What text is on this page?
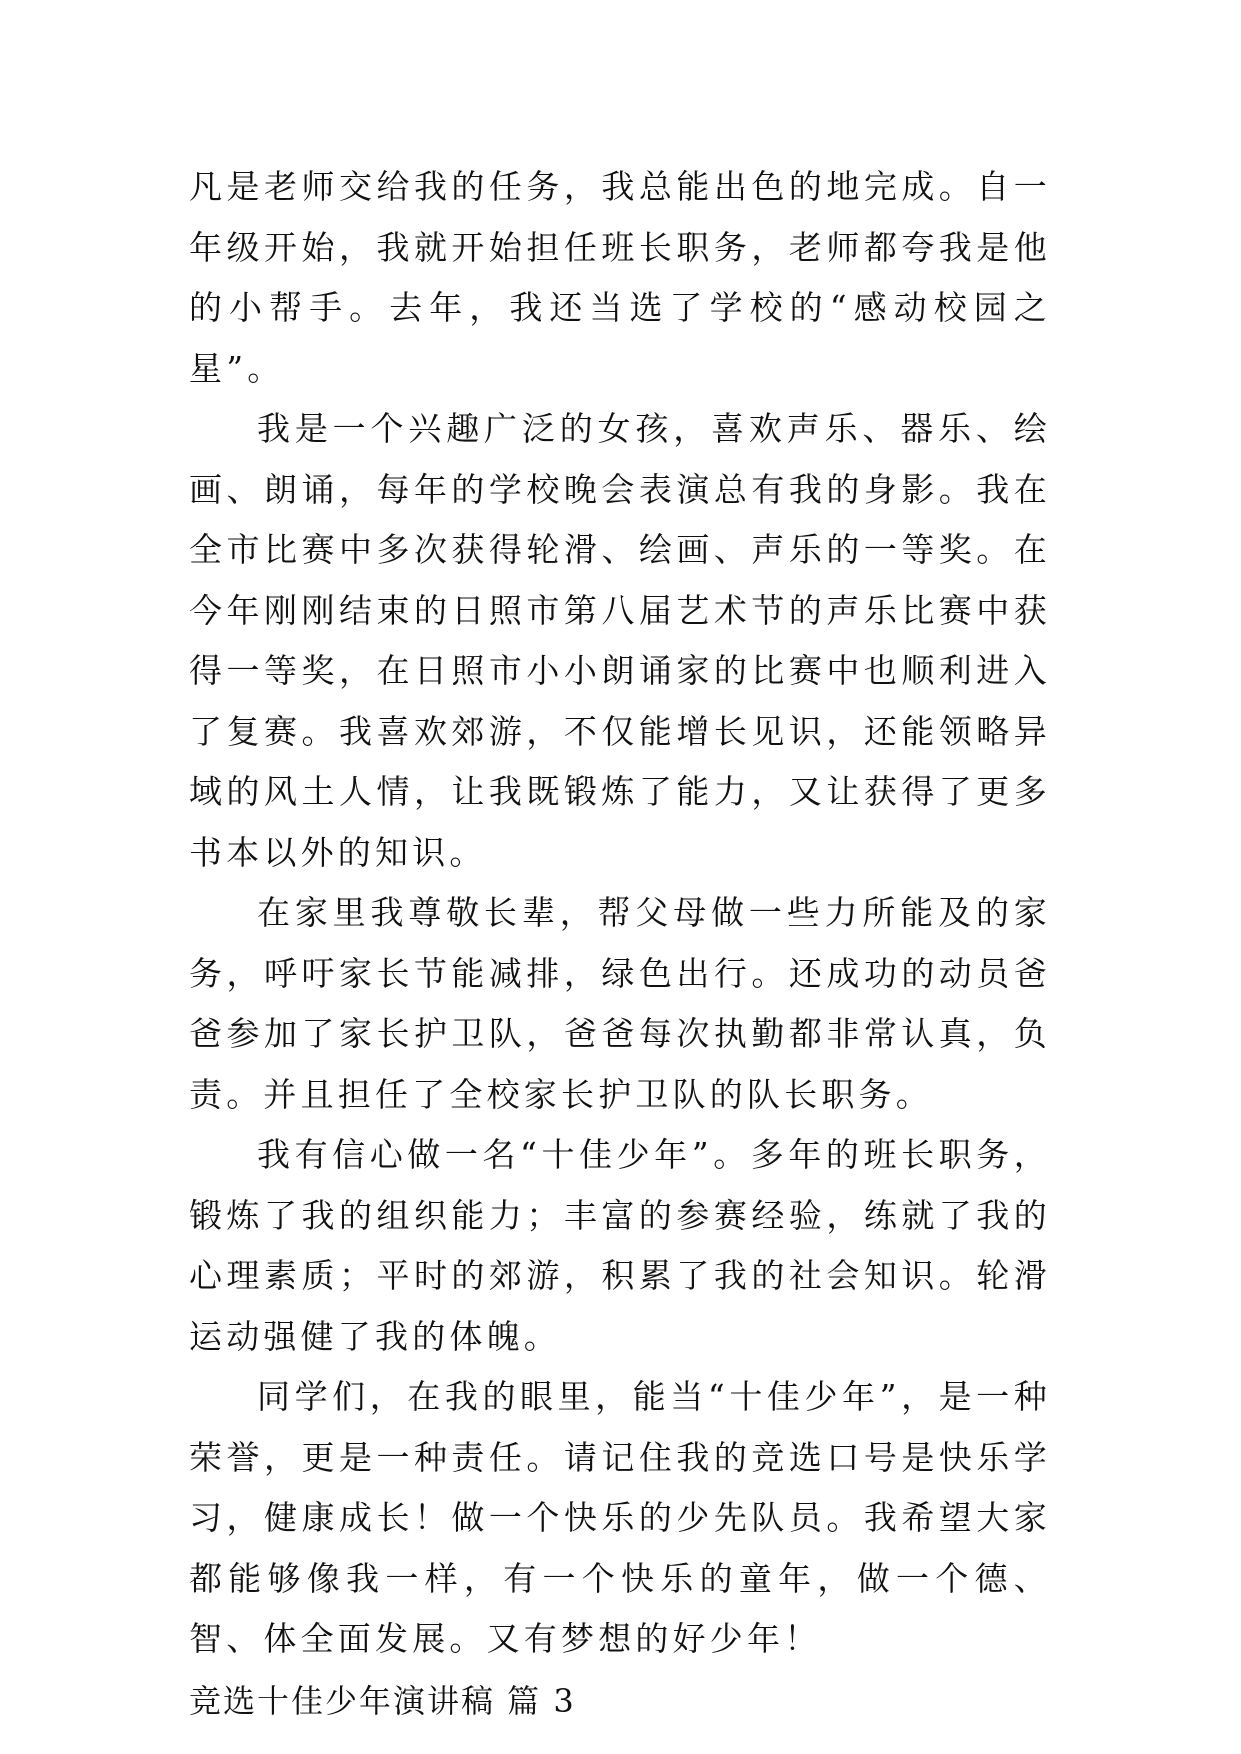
凡是老师交给我的任务，我总能出色的地完成。自一年级开始，我就开始担任班长职务，老师都夸我是他的小帮手。去年，我还当选了学校的“感动校园之星”。

我是一个兴趣广泛的女孩，喜欢声乐、器乐、绘画、朗诵，每年的学校晚会表演总有我的身影。我在全市比赛中多次获得轮滑、绘画、声乐的一等奖。在今年刚刚结束的日照市第八届艺术节的声乐比赛中获得一等奖，在日照市小小朗诵家的比赛中也顺利进入了复赛。我喜欢郊游，不仅能增长见识，还能领略异域的风土人情，让我既锻炼了能力，又让获得了更多书本以外的知识。

在家里我尊敬长辈，帮父母做一些力所能及的家务，呼吁家长节能减排，绿色出行。还成功的动员爸爸参加了家长护卫队，爸爸每次执勤都非常认真，负责。并且担任了全校家长护卫队的队长职务。

我有信心做一名“十佳少年”。多年的班长职务，锻炼了我的组织能力；丰富的参赛经验，练就了我的心理素质；平时的郊游，积累了我的社会知识。轮滑运动强健了我的体魄。

同学们，在我的眼里，能当“十佳少年”，是一种荣誉，更是一种责任。请记住我的竞选口号是快乐学习，健康成长！做一个快乐的少先队员。我希望大家都能够像我一样，有一个快乐的童年，做一个德、智、体全面发展。又有梦想的好少年！

竞选十佳少年演讲稿 篇 3
